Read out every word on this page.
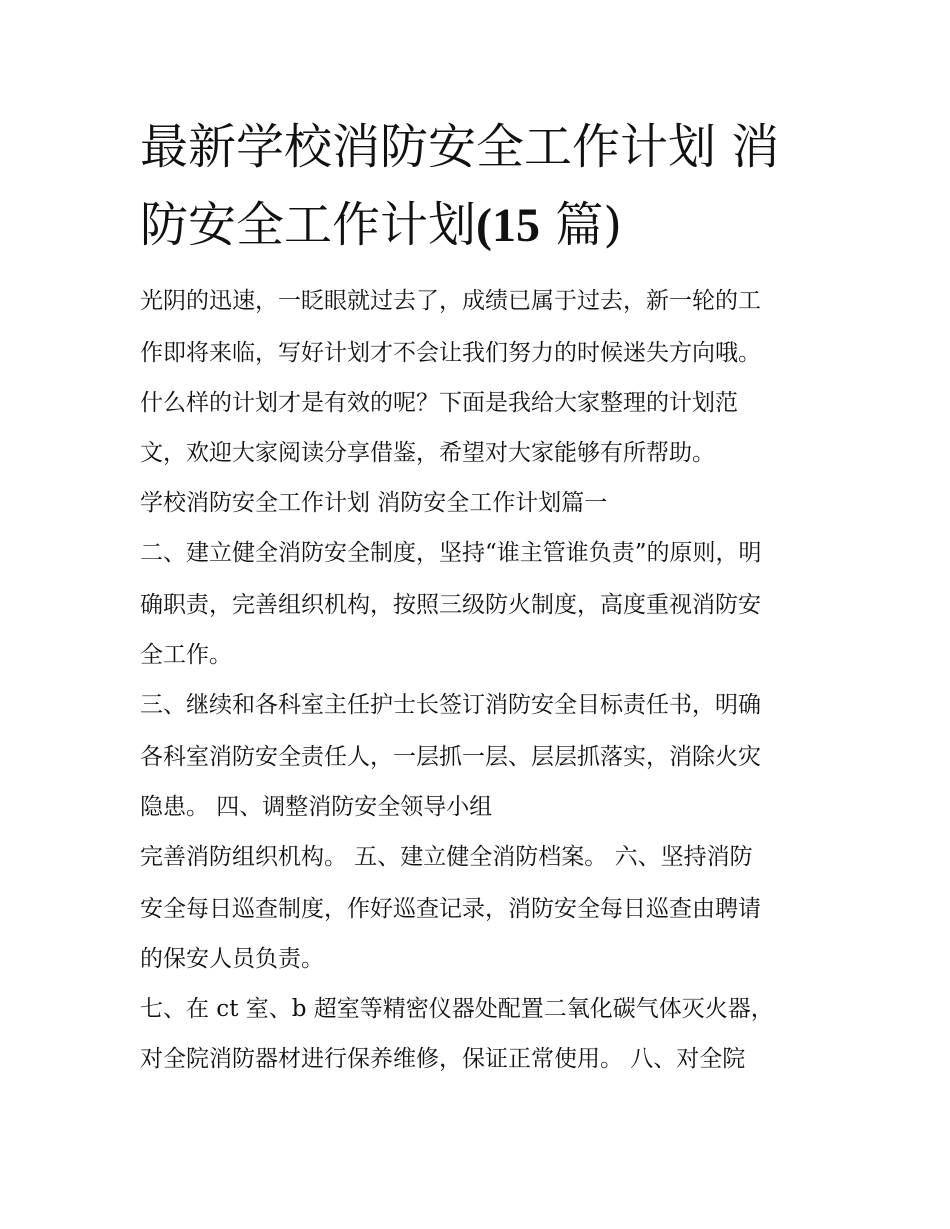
最新学校消防安全工作计划 消
防安全工作计划(15 篇)

光阴的迅速，一眨眼就过去了，成绩已属于过去，新一轮的工

作即将来临，写好计划才不会让我们努力的时候迷失方向哦。

什么样的计划才是有效的呢？下面是我给大家整理的计划范

文，欢迎大家阅读分享借鉴，希望对大家能够有所帮助。

学校消防安全工作计划 消防安全工作计划篇一

二、建立健全消防安全制度，坚持“谁主管谁负责”的原则，明

确职责，完善组织机构，按照三级防火制度，高度重视消防安

全工作。

三、继续和各科室主任护士长签订消防安全目标责任书，明确

各科室消防安全责任人，一层抓一层、层层抓落实，消除火灾

隐患。 四、调整消防安全领导小组

完善消防组织机构。 五、建立健全消防档案。 六、坚持消防

安全每日巡查制度，作好巡查记录，消防安全每日巡查由聘请

的保安人员负责。

七、在 ct 室、b 超室等精密仪器处配置二氧化碳气体灭火器，

对全院消防器材进行保养维修，保证正常使用。 八、对全院
